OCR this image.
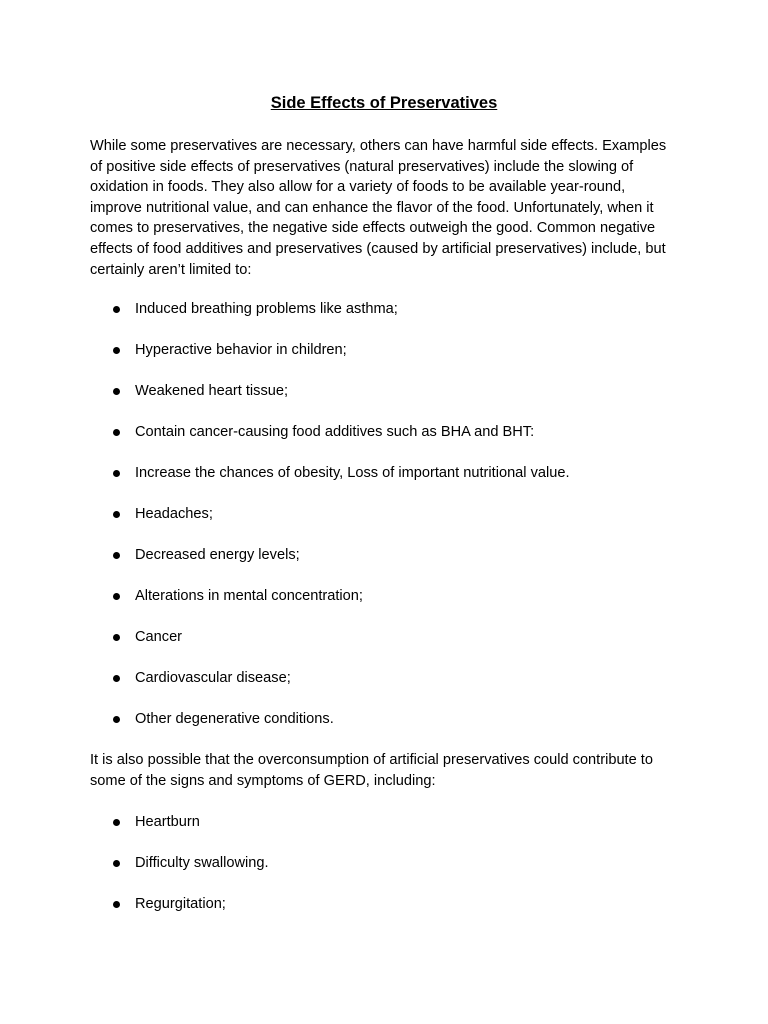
Side Effects of Preservatives

While some preservatives are necessary, others can have harmful side effects. Examples of positive side effects of preservatives (natural preservatives) include the slowing of oxidation in foods. They also allow for a variety of foods to be available year-round, improve nutritional value, and can enhance the flavor of the food. Unfortunately, when it comes to preservatives, the negative side effects outweigh the good. Common negative effects of food additives and preservatives (caused by artificial preservatives) include, but certainly aren’t limited to:

Induced breathing problems like asthma;
Hyperactive behavior in children;
Weakened heart tissue;
Contain cancer-causing food additives such as BHA and BHT:
Increase the chances of obesity, Loss of important nutritional value.
Headaches;
Decreased energy levels;
Alterations in mental concentration;
Cancer
Cardiovascular disease;
Other degenerative conditions.

It is also possible that the overconsumption of artificial preservatives could contribute to some of the signs and symptoms of GERD, including:

Heartburn
Difficulty swallowing.
Regurgitation;
